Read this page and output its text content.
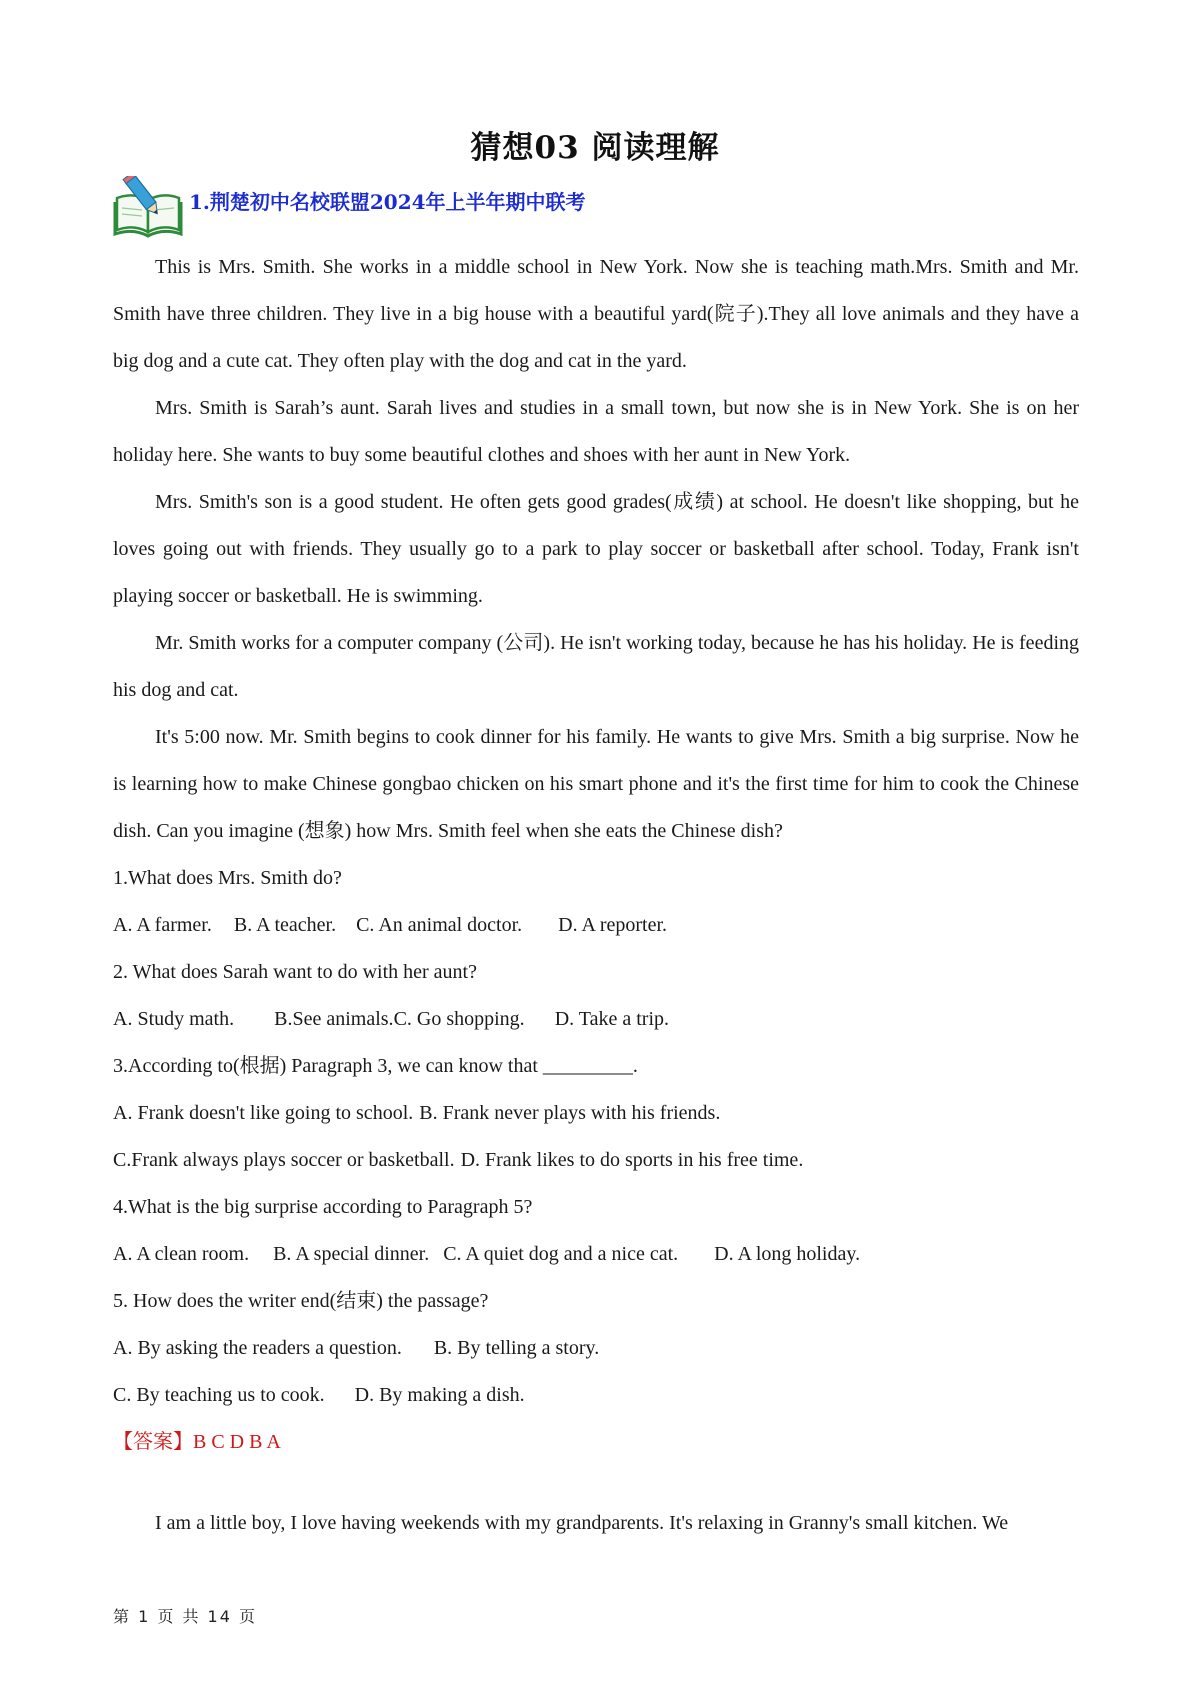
猜想03 阅读理解
1.荆楚初中名校联盟2024年上半年期中联考

This is Mrs. Smith. She works in a middle school in New York. Now she is teaching math.Mrs. Smith and Mr. Smith have three children. They live in a big house with a beautiful yard(院子).They all love animals and they have a big dog and a cute cat. They often play with the dog and cat in the yard.

Mrs. Smith is Sarah’s aunt. Sarah lives and studies in a small town, but now she is in New York. She is on her holiday here. She wants to buy some beautiful clothes and shoes with her aunt in New York.

Mrs. Smith's son is a good student. He often gets good grades(成绩) at school. He doesn't like shopping, but he loves going out with friends. They usually go to a park to play soccer or basketball after school. Today, Frank isn't playing soccer or basketball. He is swimming.

Mr. Smith works for a computer company (公司). He isn't working today, because he has his holiday. He is feeding his dog and cat.

It's 5:00 now. Mr. Smith begins to cook dinner for his family. He wants to give Mrs. Smith a big surprise. Now he is learning how to make Chinese gongbao chicken on his smart phone and it's the first time for him to cook the Chinese dish. Can you imagine (想象) how Mrs. Smith feel when she eats the Chinese dish?

1.What does Mrs. Smith do?

A. A farmer. B. A teacher. C. An animal doctor. D. A reporter.

2. What does Sarah want to do with her aunt?

A. Study math. B.See animals.C. Go shopping. D. Take a trip.

3.According to(根据) Paragraph 3, we can know that _________.

A. Frank doesn't like going to school. B. Frank never plays with his friends.

C.Frank always plays soccer or basketball. D. Frank likes to do sports in his free time.

4.What is the big surprise according to Paragraph 5?

A. A clean room. B. A special dinner. C. A quiet dog and a nice cat. D. A long holiday.

5. How does the writer end(结束) the passage?

A. By asking the readers a question. B. By telling a story.

C. By teaching us to cook. D. By making a dish.

【答案】B C D B A

I am a little boy, I love having weekends with my grandparents. It's relaxing in Granny's small kitchen. We

第 1 页 共 14 页
